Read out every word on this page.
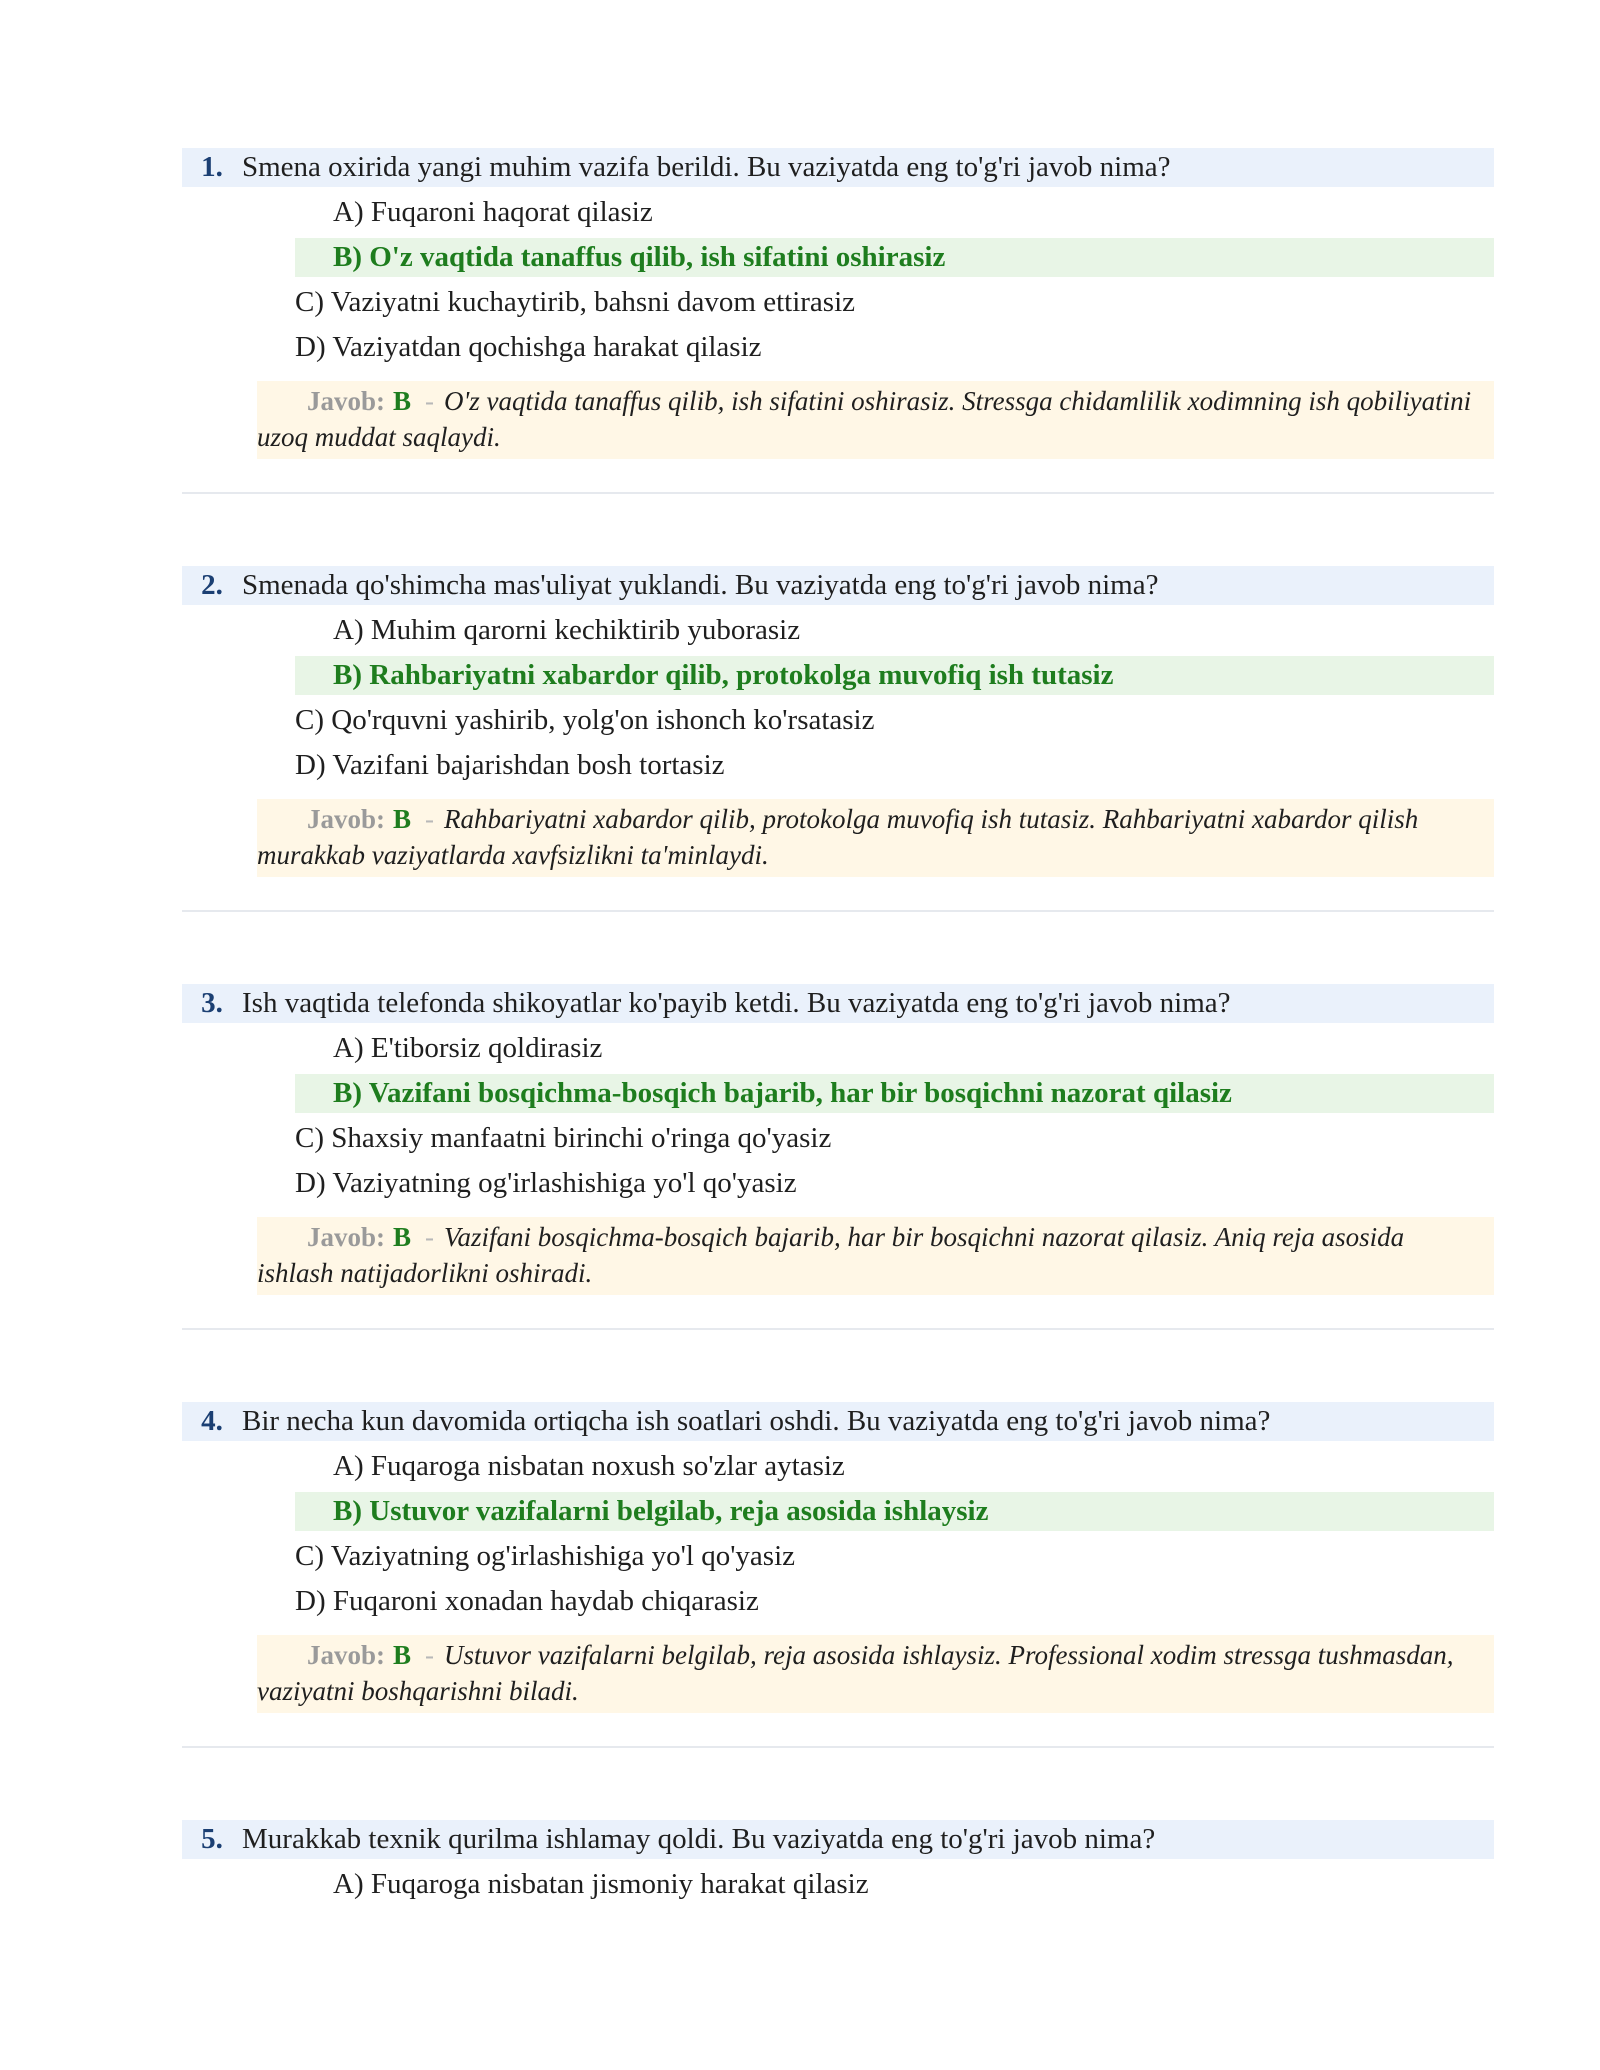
1. Smena oxirida yangi muhim vazifa berildi. Bu vaziyatda eng to'g'ri javob nima?
A) Fuqaroni haqorat qilasiz
B) O'z vaqtida tanaffus qilib, ish sifatini oshirasiz
C) Vaziyatni kuchaytirib, bahsni davom ettirasiz
D) Vaziyatdan qochishga harakat qilasiz
Javob: B - O'z vaqtida tanaffus qilib, ish sifatini oshirasiz. Stressga chidamlilik xodimning ish qobiliyatini uzoq muddat saqlaydi.
2. Smenada qo'shimcha mas'uliyat yuklandi. Bu vaziyatda eng to'g'ri javob nima?
A) Muhim qarorni kechiktirib yuborasiz
B) Rahbariyatni xabardor qilib, protokolga muvofiq ish tutasiz
C) Qo'rquvni yashirib, yolg'on ishonch ko'rsatasiz
D) Vazifani bajarishdan bosh tortasiz
Javob: B - Rahbariyatni xabardor qilib, protokolga muvofiq ish tutasiz. Rahbariyatni xabardor qilish murakkab vaziyatlarda xavfsizlikni ta'minlaydi.
3. Ish vaqtida telefonda shikoyatlar ko'payib ketdi. Bu vaziyatda eng to'g'ri javob nima?
A) E'tiborsiz qoldirasiz
B) Vazifani bosqichma-bosqich bajarib, har bir bosqichni nazorat qilasiz
C) Shaxsiy manfaatni birinchi o'ringa qo'yasiz
D) Vaziyatning og'irlashishiga yo'l qo'yasiz
Javob: B - Vazifani bosqichma-bosqich bajarib, har bir bosqichni nazorat qilasiz. Aniq reja asosida ishlash natijadorlikni oshiradi.
4. Bir necha kun davomida ortiqcha ish soatlari oshdi. Bu vaziyatda eng to'g'ri javob nima?
A) Fuqaroga nisbatan noxush so'zlar aytasiz
B) Ustuvor vazifalarni belgilab, reja asosida ishlaysiz
C) Vaziyatning og'irlashishiga yo'l qo'yasiz
D) Fuqaroni xonadan haydab chiqarasiz
Javob: B - Ustuvor vazifalarni belgilab, reja asosida ishlaysiz. Professional xodim stressga tushmasdan, vaziyatni boshqarishni biladi.
5. Murakkab texnik qurilma ishlamay qoldi. Bu vaziyatda eng to'g'ri javob nima?
A) Fuqaroga nisbatan jismoniy harakat qilasiz
